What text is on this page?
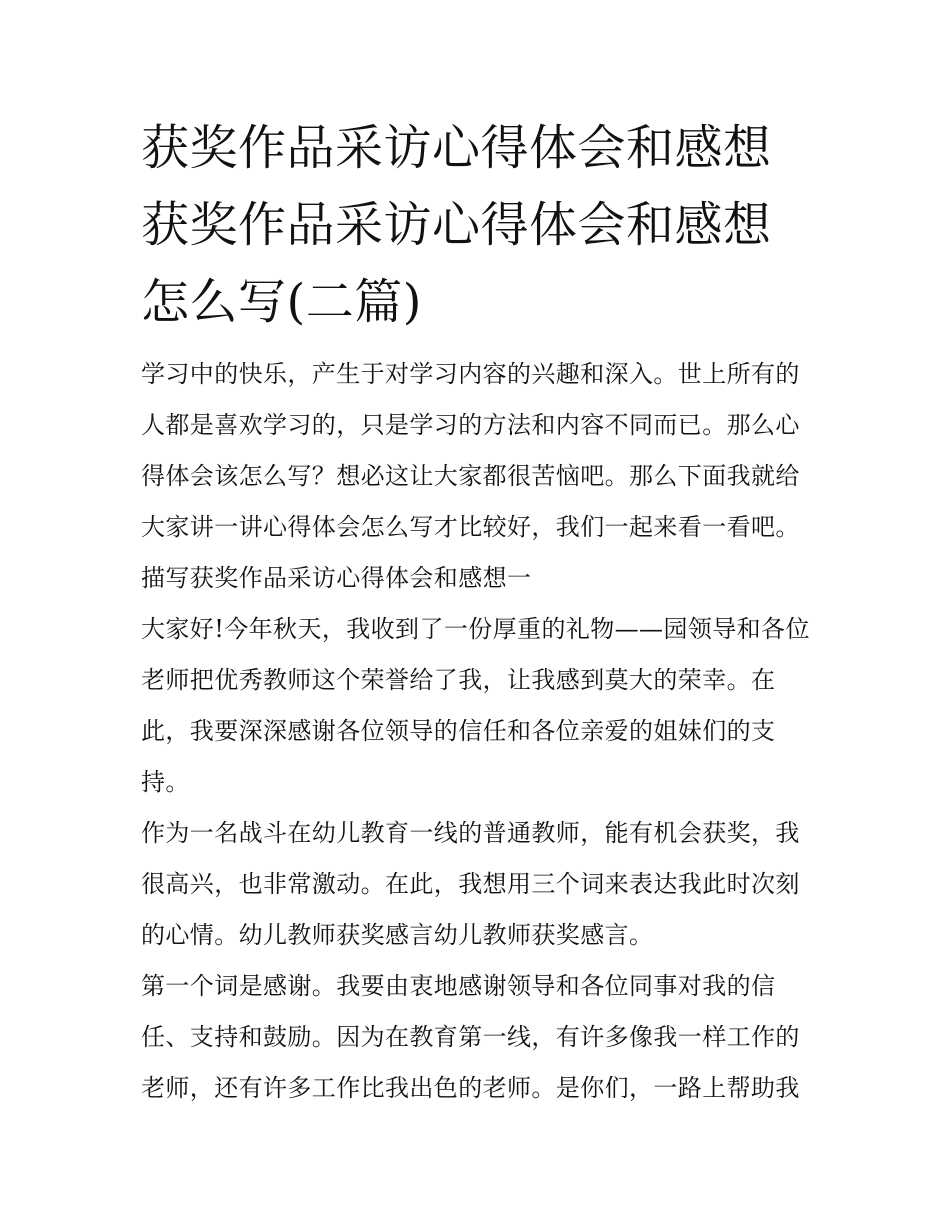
获奖作品采访心得体会和感想获奖作品采访心得体会和感想怎么写(二篇)

学习中的快乐，产生于对学习内容的兴趣和深入。世上所有的人都是喜欢学习的，只是学习的方法和内容不同而已。那么心得体会该怎么写？想必这让大家都很苦恼吧。那么下面我就给大家讲一讲心得体会怎么写才比较好，我们一起来看一看吧。

描写获奖作品采访心得体会和感想一

大家好!今年秋天，我收到了一份厚重的礼物——园领导和各位老师把优秀教师这个荣誉给了我，让我感到莫大的荣幸。在此，我要深深感谢各位领导的信任和各位亲爱的姐妹们的支持。

作为一名战斗在幼儿教育一线的普通教师，能有机会获奖，我很高兴，也非常激动。在此，我想用三个词来表达我此时次刻的心情。幼儿教师获奖感言幼儿教师获奖感言。

第一个词是感谢。我要由衷地感谢领导和各位同事对我的信任、支持和鼓励。因为在教育第一线，有许多像我一样工作的老师，还有许多工作比我出色的老师。是你们，一路上帮助我
